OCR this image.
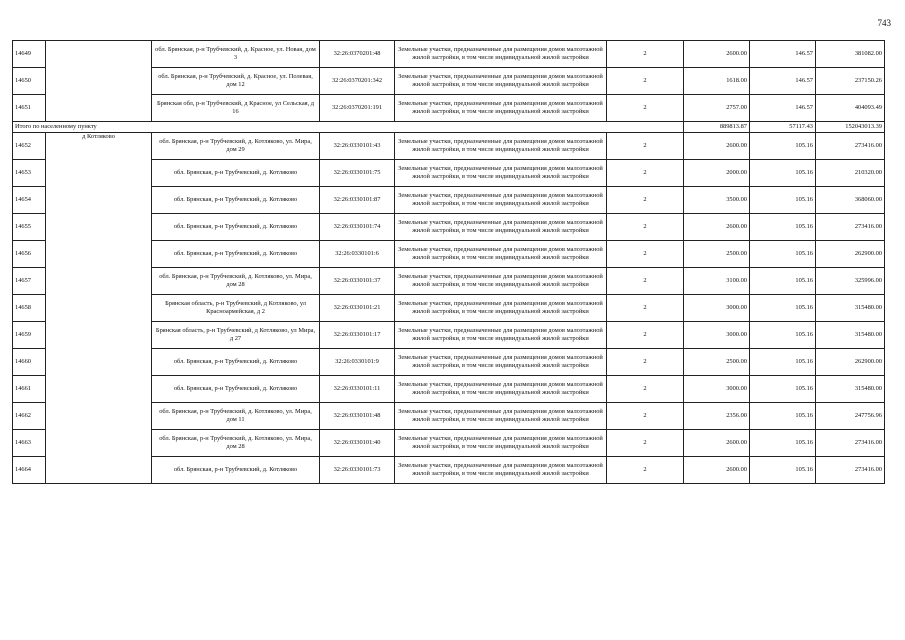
743
14649		обл. Брянская, р-н Трубчевский, д. Красное, ул. Новая, дом 3	32:26:0370201:48	Земельные участки, предназначенные для размещения домов малоэтажной жилой застройки, в том числе индивидуальной жилой застройки	2	2600.00	146.57	381082.00
14650		обл. Брянская, р-н Трубчевский, д. Красное, ул. Полевая, дом 12	32:26:0370201:342	Земельные участки, предназначенные для размещения домов малоэтажной жилой застройки, в том числе индивидуальной жилой застройки	2	1618.00	146.57	237150.26
14651		Брянская обл, р-н Трубчевский, д Красное, ул Сельская, д 16	32:26:0370201:191	Земельные участки, предназначенные для размещения домов малоэтажной жилой застройки, в том числе индивидуальной жилой застройки	2	2757.00	146.57	404093.49
Итого по населенному пункту						889813.87	57117.43	152043013.39
14652	д Котляково	обл. Брянская, р-н Трубчевский, д. Котляково, ул. Мира, дом 29	32:26:0330101:43	Земельные участки, предназначенные для размещения домов малоэтажной жилой застройки, в том числе индивидуальной жилой застройки	2	2600.00	105.16	273416.00
14653		обл. Брянская, р-н Трубчевский, д. Котляково	32:26:0330101:75	Земельные участки, предназначенные для размещения домов малоэтажной жилой застройки, в том числе индивидуальной жилой застройки	2	2000.00	105.16	210320.00
14654		обл. Брянская, р-н Трубчевский, д. Котляково	32:26:0330101:87	Земельные участки, предназначенные для размещения домов малоэтажной жилой застройки, в том числе индивидуальной жилой застройки	2	3500.00	105.16	368060.00
14655		обл. Брянская, р-н Трубчевский, д. Котляково	32:26:0330101:74	Земельные участки, предназначенные для размещения домов малоэтажной жилой застройки, в том числе индивидуальной жилой застройки	2	2600.00	105.16	273416.00
14656		обл. Брянская, р-н Трубчевский, д. Котляково	32:26:0330101:6	Земельные участки, предназначенные для размещения домов малоэтажной жилой застройки, в том числе индивидуальной жилой застройки	2	2500.00	105.16	262900.00
14657		обл. Брянская, р-н Трубчевский, д. Котляково, ул. Мира, дом 28	32:26:0330101:37	Земельные участки, предназначенные для размещения домов малоэтажной жилой застройки, в том числе индивидуальной жилой застройки	2	3100.00	105.16	325996.00
14658		Брянская область, р-н Трубчевский, д Котляково, ул Красноармейская, д 2	32:26:0330101:21	Земельные участки, предназначенные для размещения домов малоэтажной жилой застройки, в том числе индивидуальной жилой застройки	2	3000.00	105.16	315480.00
14659		Брянская область, р-н Трубчевский, д Котляково, ул Мира, д 27	32:26:0330101:17	Земельные участки, предназначенные для размещения домов малоэтажной жилой застройки, в том числе индивидуальной жилой застройки	2	3000.00	105.16	315480.00
14660		обл. Брянская, р-н Трубчевский, д. Котляково	32:26:0330101:9	Земельные участки, предназначенные для размещения домов малоэтажной жилой застройки, в том числе индивидуальной жилой застройки	2	2500.00	105.16	262900.00
14661		обл. Брянская, р-н Трубчевский, д. Котляково	32:26:0330101:11	Земельные участки, предназначенные для размещения домов малоэтажной жилой застройки, в том числе индивидуальной жилой застройки	2	3000.00	105.16	315480.00
14662		обл. Брянская, р-н Трубчевский, д. Котляково, ул. Мира, дом 11	32:26:0330101:48	Земельные участки, предназначенные для размещения домов малоэтажной жилой застройки, в том числе индивидуальной жилой застройки	2	2356.00	105.16	247756.96
14663		обл. Брянская, р-н Трубчевский, д. Котляково, ул. Мира, дом 28	32:26:0330101:40	Земельные участки, предназначенные для размещения домов малоэтажной жилой застройки, в том числе индивидуальной жилой застройки	2	2600.00	105.16	273416.00
14664		обл. Брянская, р-н Трубчевский, д. Котляково	32:26:0330101:73	Земельные участки, предназначенные для размещения домов малоэтажной жилой застройки, в том числе индивидуальной жилой застройки	2	2600.00	105.16	273416.00
